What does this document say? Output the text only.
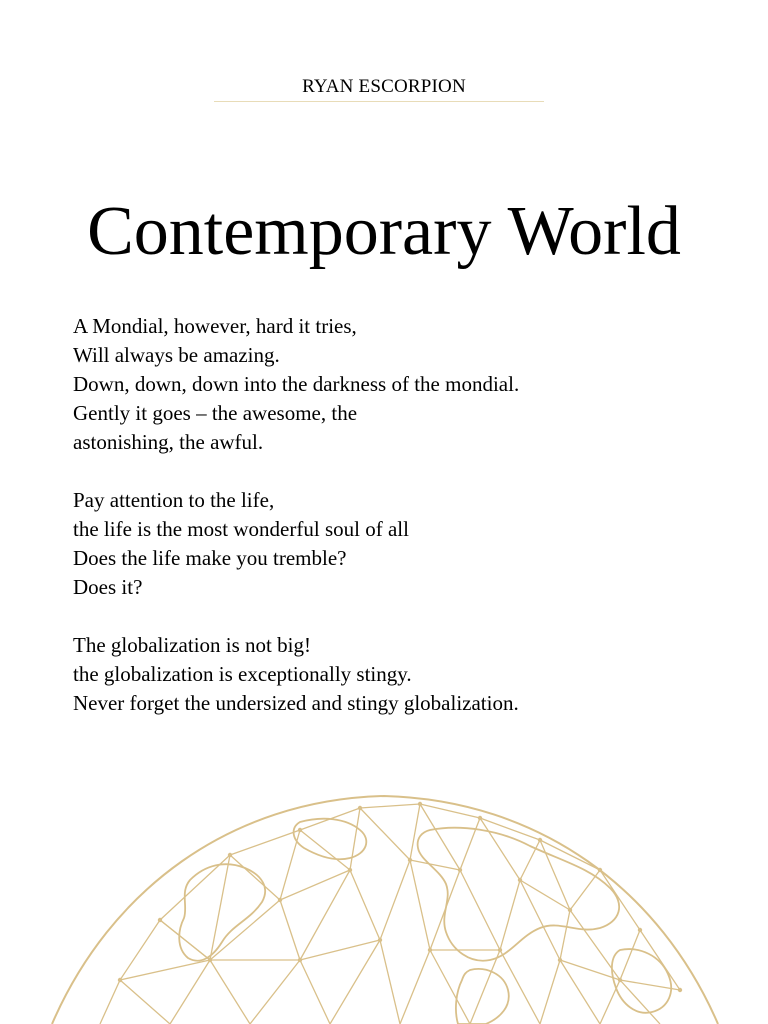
RYAN ESCORPION
Contemporary World
A Mondial, however, hard it tries,
Will always be amazing.
Down, down, down into the darkness of the mondial.
Gently it goes – the awesome, the
astonishing, the awful.
Pay attention to the life,
the life is the most wonderful soul of all
Does the life make you tremble?
Does it?
The globalization is not big!
the globalization is exceptionally stingy.
Never forget the undersized and stingy globalization.
